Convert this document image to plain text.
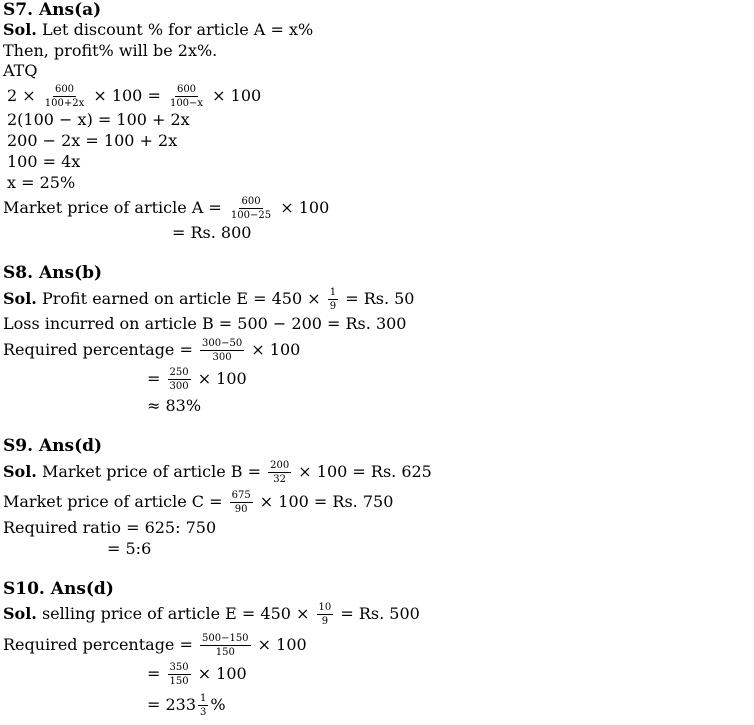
S7. Ans(a)
Sol. Let discount % for article A = x%
Then, profit% will be 2x%.
ATQ
$2 \times \frac{600}{100+2x} \times 100 = \frac{600}{100-x} \times 100$
2(100 − x) = 100 + 2x
200 − 2x = 100 + 2x
100 = 4x
x = 25%
Market price of article $A = \frac{600}{100-25} \times 100$
= Rs. 800
S8. Ans(b)
Sol. Profit earned on article $E = 450 \times \frac{1}{9} = Rs$. 50
Loss incurred on article B = 500 − 200 = Rs. 300
Required percentage = $\frac{300-50}{300} \times 100$
= $\frac{250}{300} \times 100$
≈ 83%
S9. Ans(d)
Sol. Market price of article $B = \frac{200}{32} \times 100 = Rs$. 625
Market price of article $C = \frac{675}{90} \times 100 = Rs$. 750
Required ratio = 625: 750
= 5:6
S10. Ans(d)
Sol. selling price of article $E = 450 \times \frac{10}{9} = Rs$. 500
Required percentage = $\frac{500-150}{150} \times 100$
= $\frac{350}{150} \times 100$
= $233 \frac{1}{3}$ %
